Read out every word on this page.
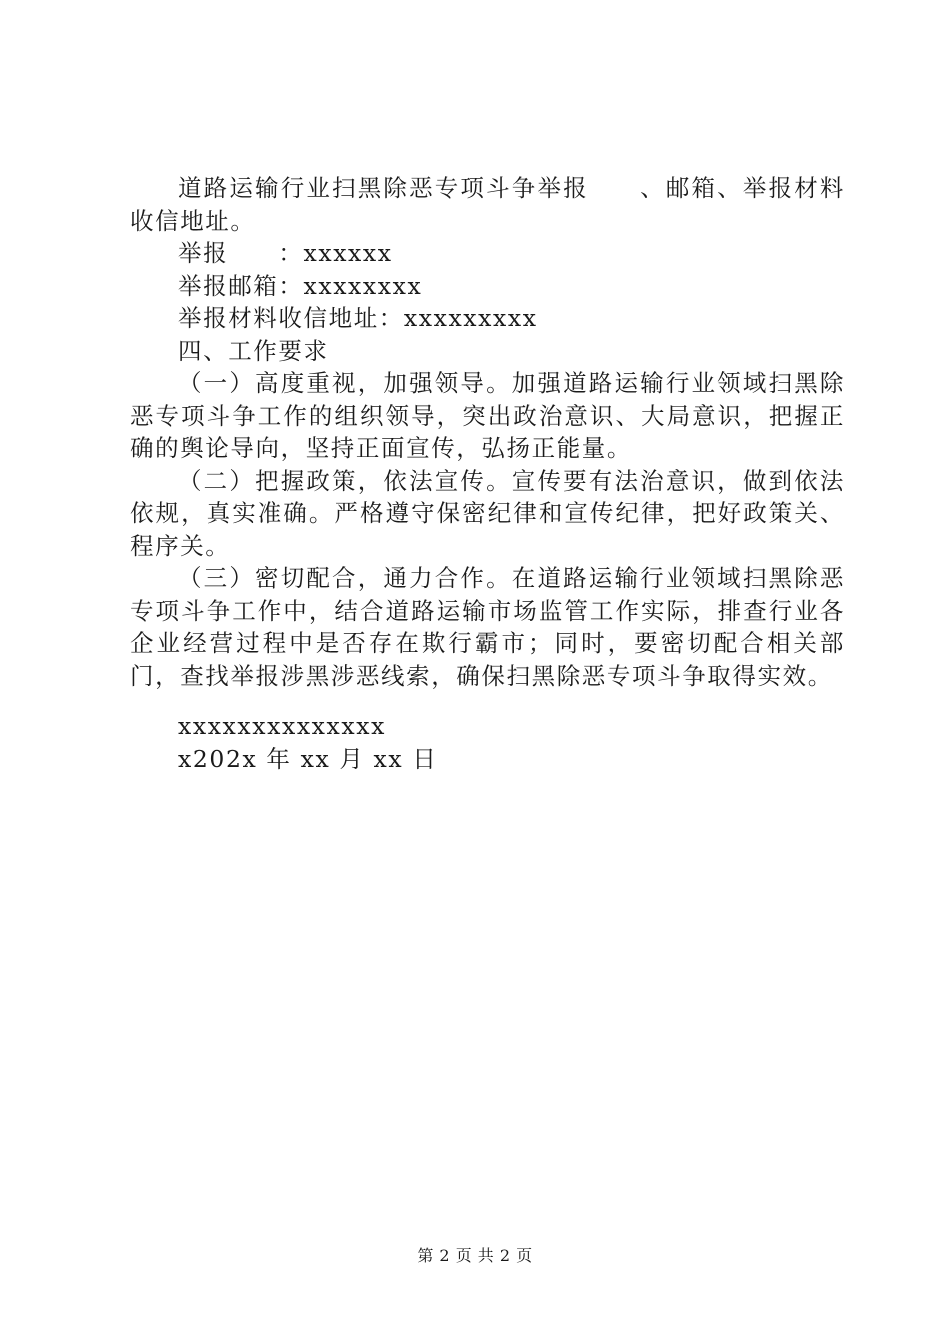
道路运输行业扫黑除恶专项斗争举报　　、邮箱、举报材料收信地址。

举报　　：xxxxxx

举报邮箱：xxxxxxxx

举报材料收信地址：xxxxxxxxx

四、工作要求

（一）高度重视，加强领导。加强道路运输行业领域扫黑除恶专项斗争工作的组织领导，突出政治意识、大局意识，把握正确的舆论导向，坚持正面宣传，弘扬正能量。

（二）把握政策，依法宣传。宣传要有法治意识，做到依法依规，真实准确。严格遵守保密纪律和宣传纪律，把好政策关、程序关。

（三）密切配合，通力合作。在道路运输行业领域扫黑除恶专项斗争工作中，结合道路运输市场监管工作实际，排查行业各企业经营过程中是否存在欺行霸市；同时，要密切配合相关部门，查找举报涉黑涉恶线索，确保扫黑除恶专项斗争取得实效。

xxxxxxxxxxxxxx

x202x 年 xx 月 xx 日

第 2 页 共 2 页
